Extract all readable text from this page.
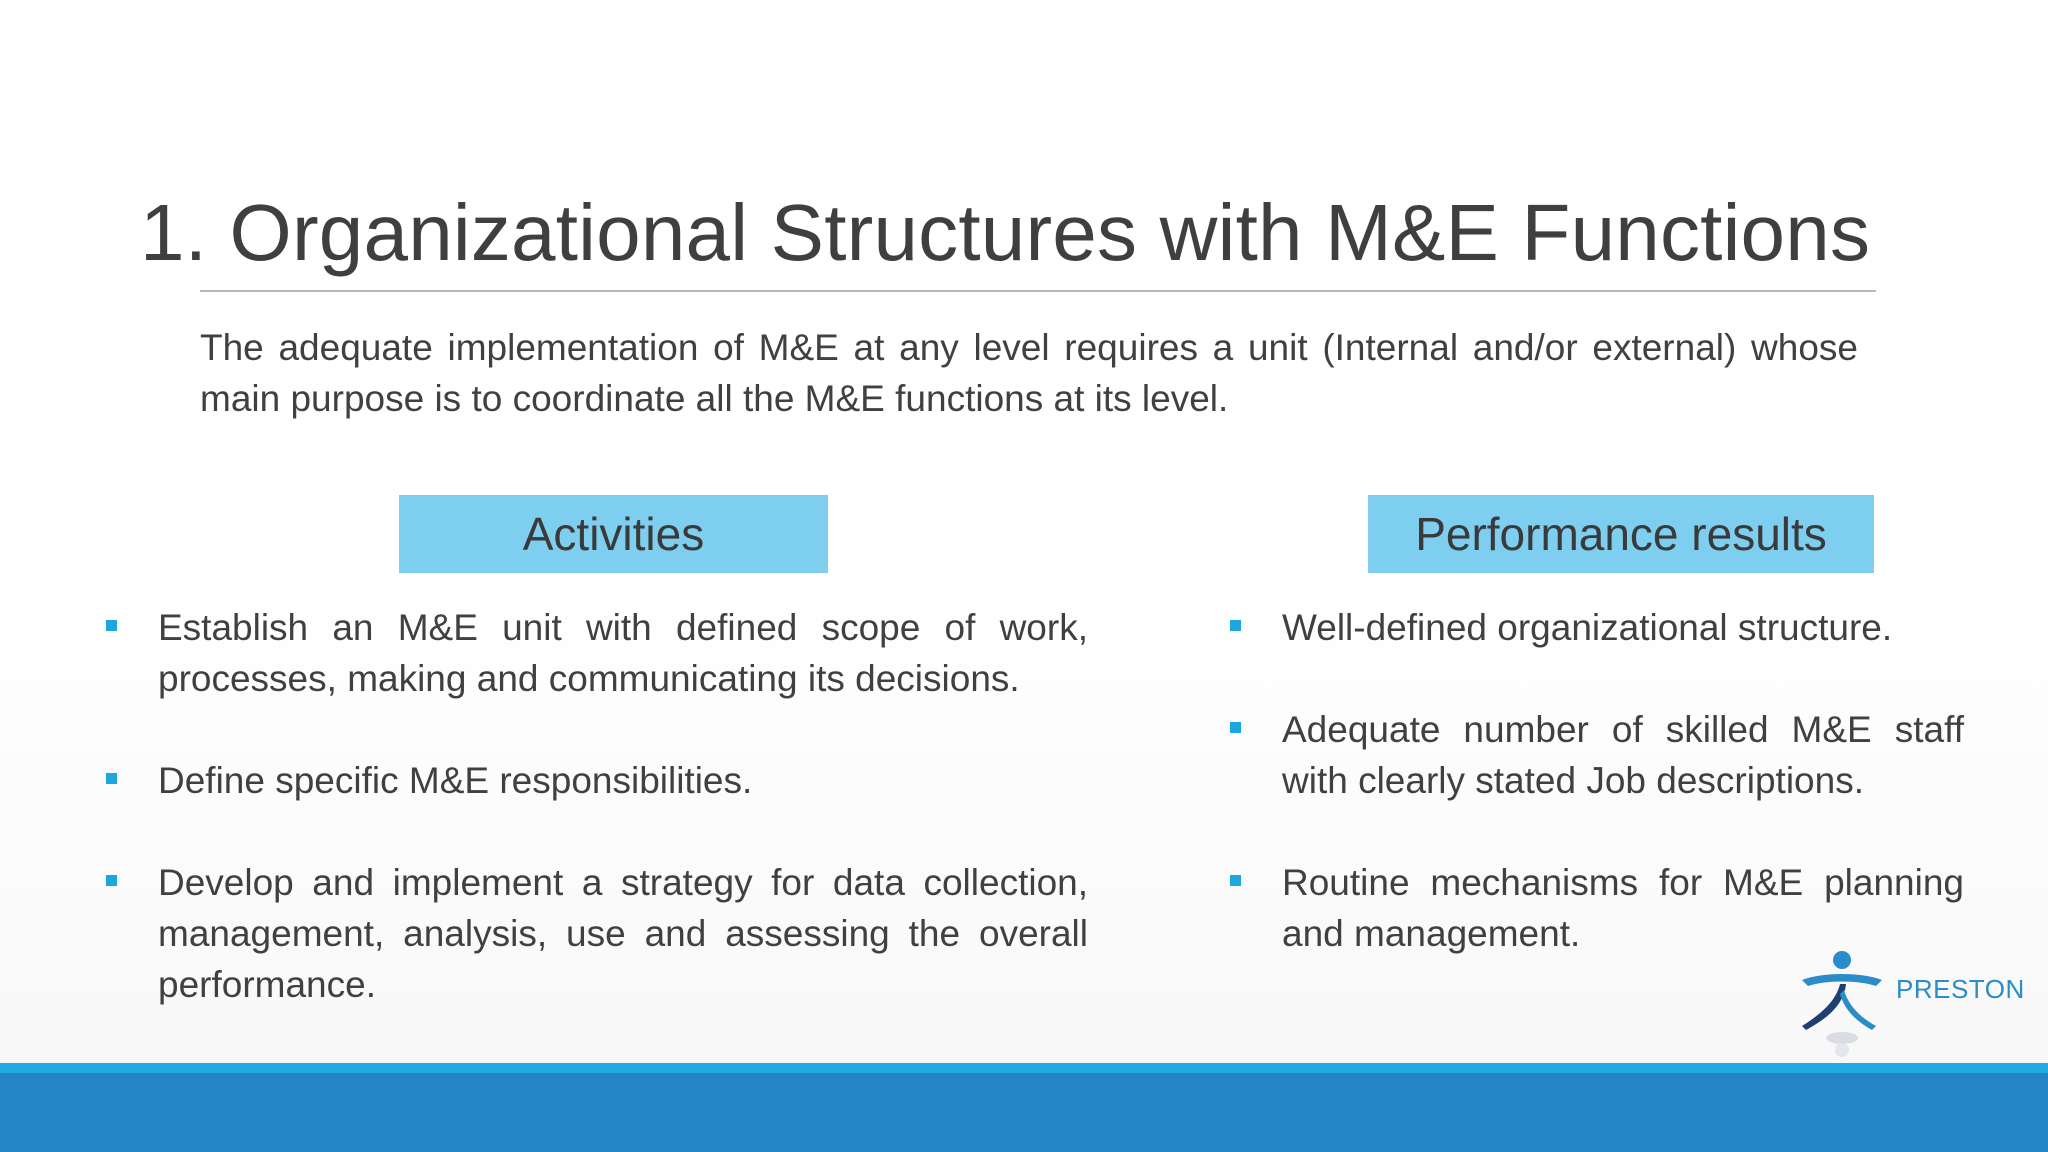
1. Organizational Structures with M&E Functions
The adequate implementation of M&E at any level requires a unit (Internal and/or external) whose main purpose is to coordinate all the M&E functions at its level.
Activities	Performance results
Establish an M&E unit with defined scope of work, processes, making and communicating its decisions.
Define specific M&E responsibilities.
Develop and implement a strategy for data collection, management, analysis, use and assessing the overall performance.
Well-defined organizational structure.
Adequate number of skilled M&E staff with clearly stated Job descriptions.
Routine mechanisms for M&E planning and management.
PRESTON
